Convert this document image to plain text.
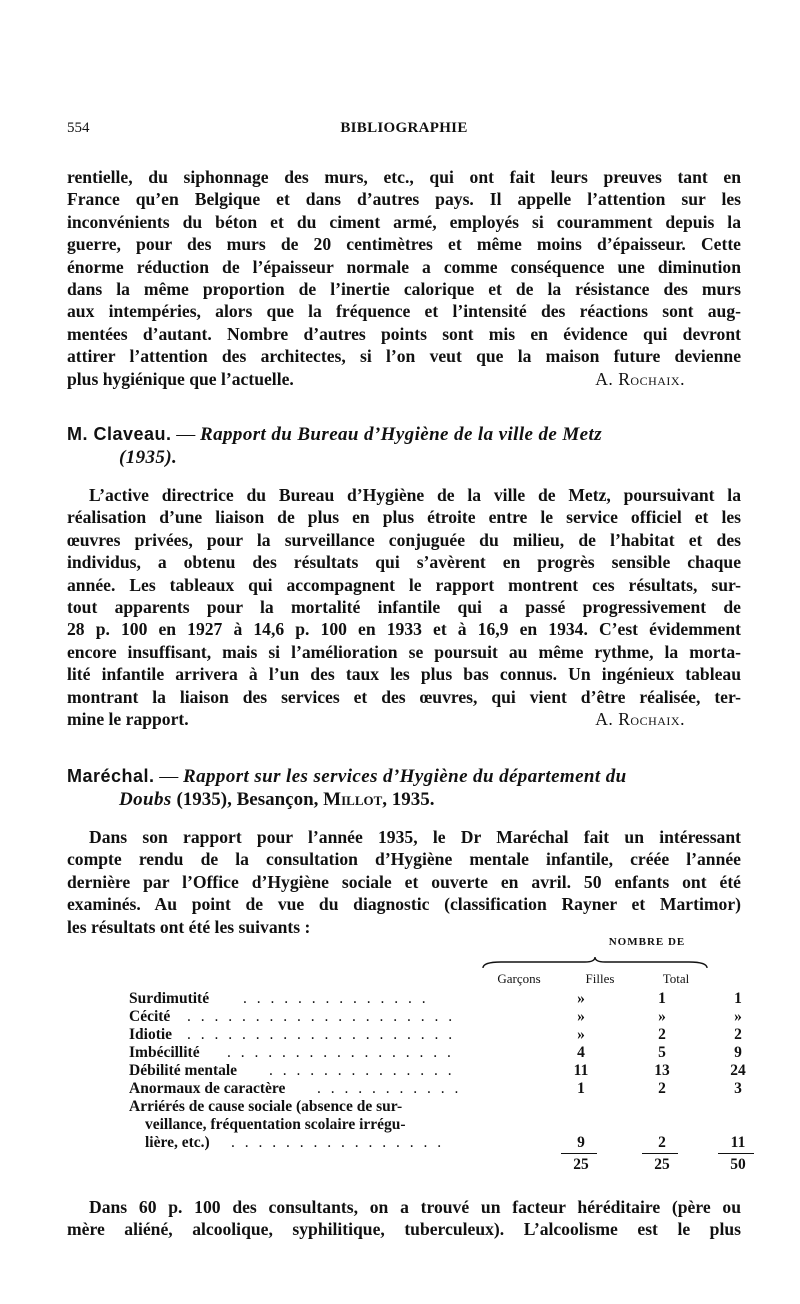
554	BIBLIOGRAPHIE
rentielle, du siphonnage des murs, etc., qui ont fait leurs preuves tant en
France qu’en Belgique et dans d’autres pays. Il appelle l’attention sur les
inconvénients du béton et du ciment armé, employés si couramment depuis la
guerre, pour des murs de 20 centimètres et même moins d’épaisseur. Cette
énorme réduction de l’épaisseur normale a comme conséquence une diminution
dans la même proportion de l’inertie calorique et de la résistance des murs
aux intempéries, alors que la fréquence et l’intensité des réactions sont aug-
mentées d’autant. Nombre d’autres points sont mis en évidence qui devront
attirer l’attention des architectes, si l’on veut que la maison future devienne
plus hygiénique que l’actuelle.	A. Rochaix.
M. Claveau. — Rapport du Bureau d’Hygiène de la ville de Metz
(1935).
L’active directrice du Bureau d’Hygiène de la ville de Metz, poursuivant la
réalisation d’une liaison de plus en plus étroite entre le service officiel et les
œuvres privées, pour la surveillance conjuguée du milieu, de l’habitat et des
individus, a obtenu des résultats qui s’avèrent en progrès sensible chaque
année. Les tableaux qui accompagnent le rapport montrent ces résultats, sur-
tout apparents pour la mortalité infantile qui a passé progressivement de
28 p. 100 en 1927 à 14,6 p. 100 en 1933 et à 16,9 en 1934. C’est évidemment
encore insuffisant, mais si l’amélioration se poursuit au même rythme, la morta-
lité infantile arrivera à l’un des taux les plus bas connus. Un ingénieux tableau
montrant la liaison des services et des œuvres, qui vient d’être réalisée, ter-
mine le rapport.	A. Rochaix.
Maréchal. — Rapport sur les services d’Hygiène du département du
Doubs (1935), Besançon, Millot, 1935.
Dans son rapport pour l’année 1935, le Dr Maréchal fait un intéressant
compte rendu de la consultation d’Hygiène mentale infantile, créée l’année
dernière par l’Office d’Hygiène sociale et ouverte en avril. 50 enfants ont été
examinés. Au point de vue du diagnostic (classification Rayner et Martimor)
les résultats ont été les suivants :
NOMBRE DE
Garçons	Filles	Total
Surdimutité . . . . . . . . . . . . . .	»	1	1
Cécité . . . . . . . . . . . . . . . . . . . .	»	»	»
Idiotie . . . . . . . . . . . . . . . . . . . .	»	2	2
Imbécillité . . . . . . . . . . . . . . . . .	4	5	9
Débilité mentale . . . . . . . . . . . . . .	11	13	24
Anormaux de caractère . . . . . . . . . . .	1	2	3
Arriérés de cause sociale (absence de sur-
veillance, fréquentation scolaire irrégu-
lière, etc.) . . . . . . . . . . . . . . . .	9	2	11
25	25	50
Dans 60 p. 100 des consultants, on a trouvé un facteur héréditaire (père ou
mère aliéné, alcoolique, syphilitique, tuberculeux). L’alcoolisme est le plus
